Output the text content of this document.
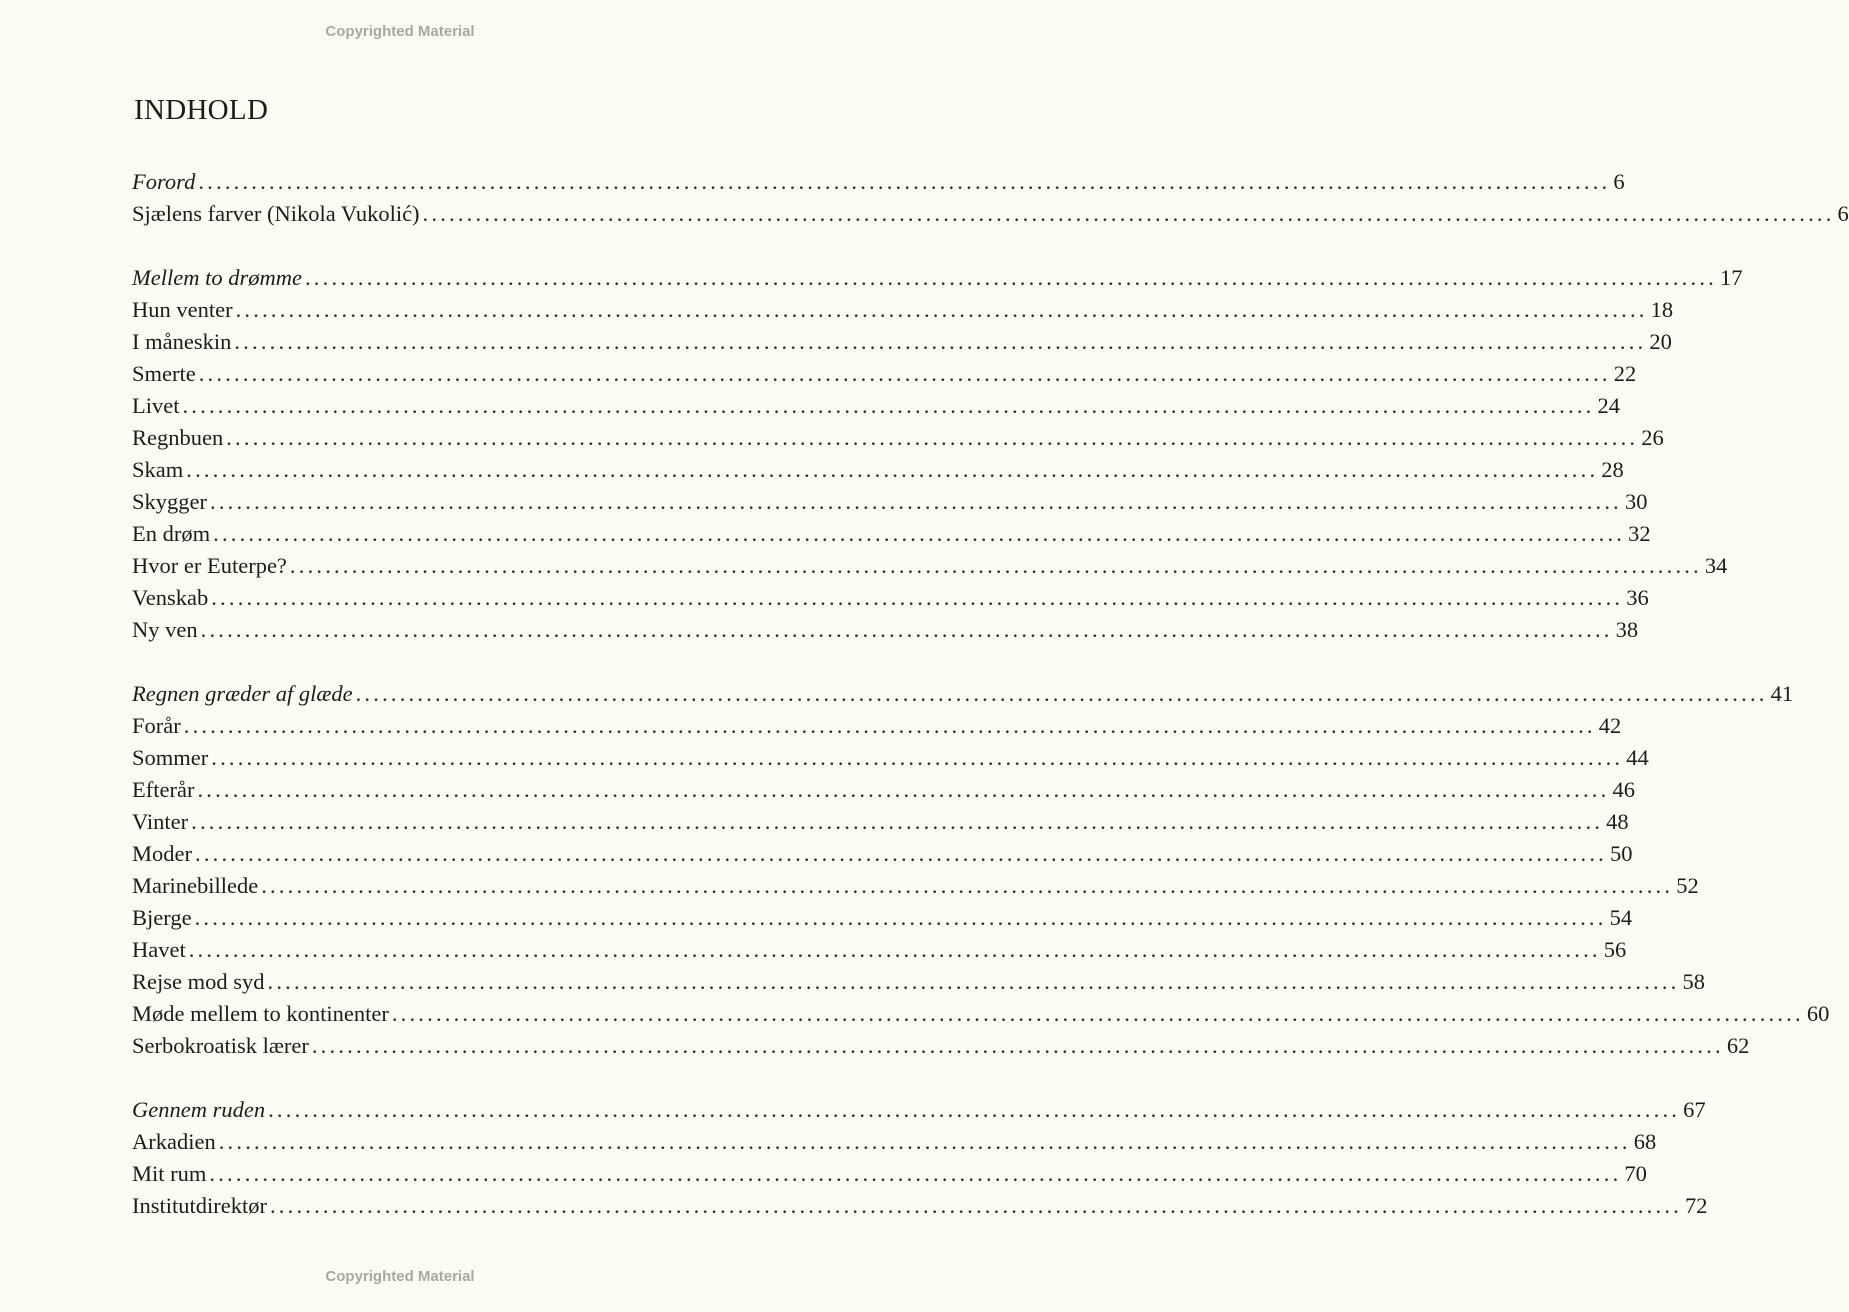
Copyrighted Material
INDHOLD
Forord ................................................................................................................................................................ 6
Sjælens farver (Nikola Vukolić) ................................................................................................................................................................ 6
Mellem to drømme ................................................................................................................................................................ 17
Hun venter ................................................................................................................................................................ 18
I måneskin ................................................................................................................................................................ 20
Smerte ................................................................................................................................................................ 22
Livet ................................................................................................................................................................ 24
Regnbuen ................................................................................................................................................................ 26
Skam ................................................................................................................................................................ 28
Skygger ................................................................................................................................................................ 30
En drøm ................................................................................................................................................................ 32
Hvor er Euterpe? ................................................................................................................................................................ 34
Venskab ................................................................................................................................................................ 36
Ny ven ................................................................................................................................................................ 38
Regnen græder af glæde ................................................................................................................................................................ 41
Forår ................................................................................................................................................................ 42
Sommer ................................................................................................................................................................ 44
Efterår ................................................................................................................................................................ 46
Vinter ................................................................................................................................................................ 48
Moder ................................................................................................................................................................ 50
Marinebillede ................................................................................................................................................................ 52
Bjerge ................................................................................................................................................................ 54
Havet ................................................................................................................................................................ 56
Rejse mod syd ................................................................................................................................................................ 58
Møde mellem to kontinenter ................................................................................................................................................................ 60
Serbokroatisk lærer ................................................................................................................................................................ 62
Gennem ruden ................................................................................................................................................................ 67
Arkadien ................................................................................................................................................................ 68
Mit rum ................................................................................................................................................................ 70
Institutdirektør ................................................................................................................................................................ 72
Copyrighted Material
